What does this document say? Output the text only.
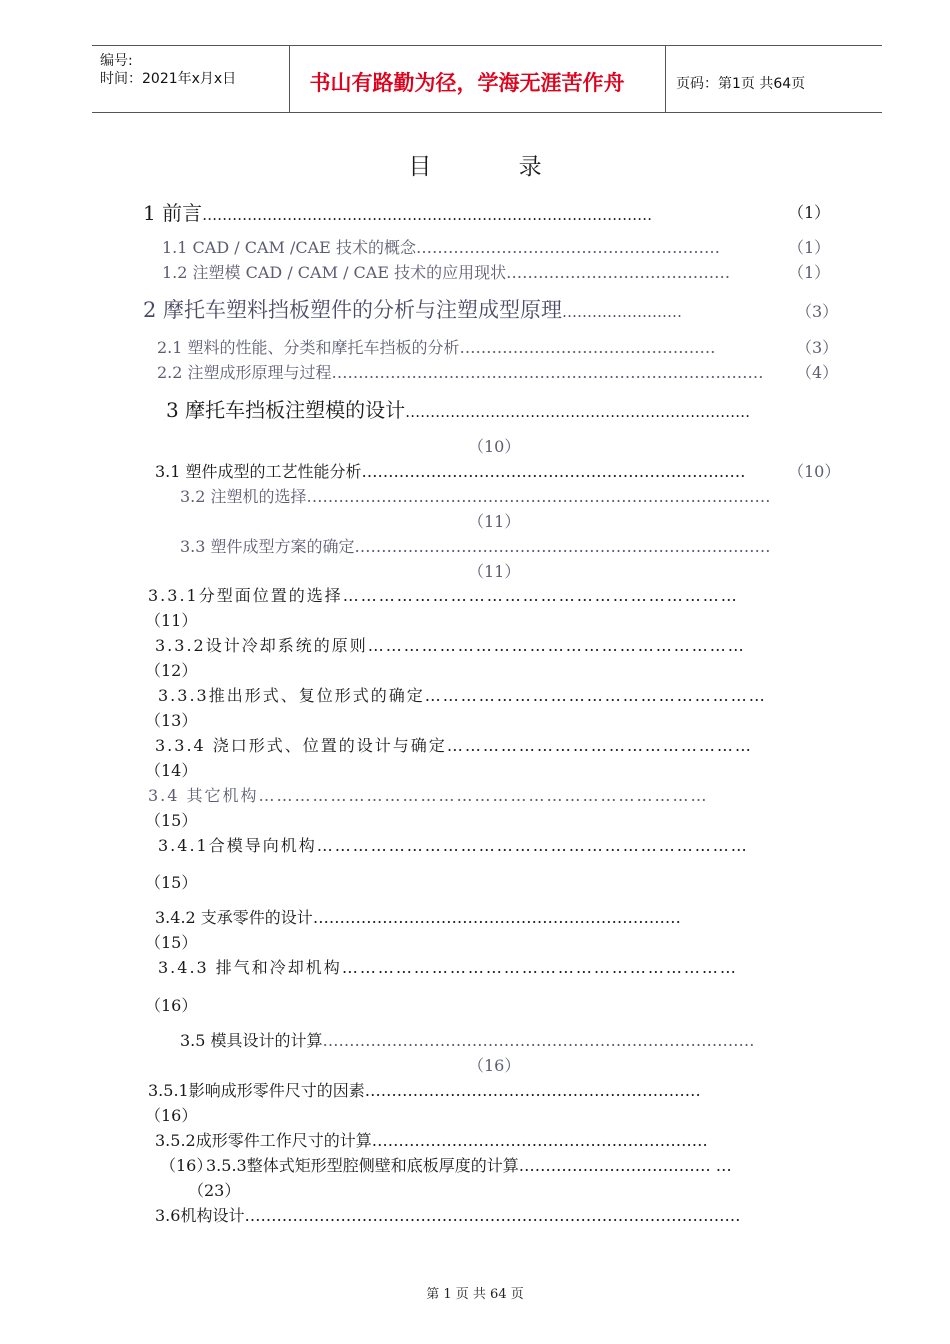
编号:
时间：2021年x月x日	书山有路勤为径，学海无涯苦作舟	页码：第1页 共64页
目 录
1 前言………………………………………………………………………………	（1）
1.1 CAD / CAM /CAE 技术的概念…………………………………………………	（1）
1.2 注塑模 CAD / CAM / CAE 技术的应用现状……………………………………	（1）
2 摩托车塑料挡板塑件的分析与注塑成型原理……………………	（3）
2.1 塑料的性能、分类和摩托车挡板的分析…………………………………………	（3）
2.2 注塑成形原理与过程……………………………………………………………………… （4）
3 摩托车挡板注塑模的设计……………………………………………………………
（10）
3.1 塑件成型的工艺性能分析………………………………………………………………	（10）
3.2 注塑机的选择……………………………………………………………………………
（11）
3.3 塑件成型方案的确定……………………………………………………………………
（11）
3.3.1分型面位置的选择…………………………………………………………
（11）
3.3.2设计冷却系统的原则………………………………………………………
（12）
3.3.3推出形式、复位形式的确定…………………………………………………
（13）
3.3.4 浇口形式、位置的设计与确定……………………………………………
（14）
3.4 其它机构…………………………………………………………………
（15）
3.4.1合模导向机构………………………………………………………………
（15）
3.4.2 支承零件的设计……………………………………………………………
（15）
3.4.3 排气和冷却机构…………………………………………………………
（16）
3.5 模具设计的计算………………………………………………………………………
（16）
3.5.1影响成形零件尺寸的因素………………………………………………………
（16）
3.5.2成形零件工作尺寸的计算………………………………………………………
（16）
3.5.3整体式矩形型腔侧壁和底板厚度的计算……………………………… …
（23）
3.6机构设计…………………………………………………………………………………
第 1 页 共 64 页
